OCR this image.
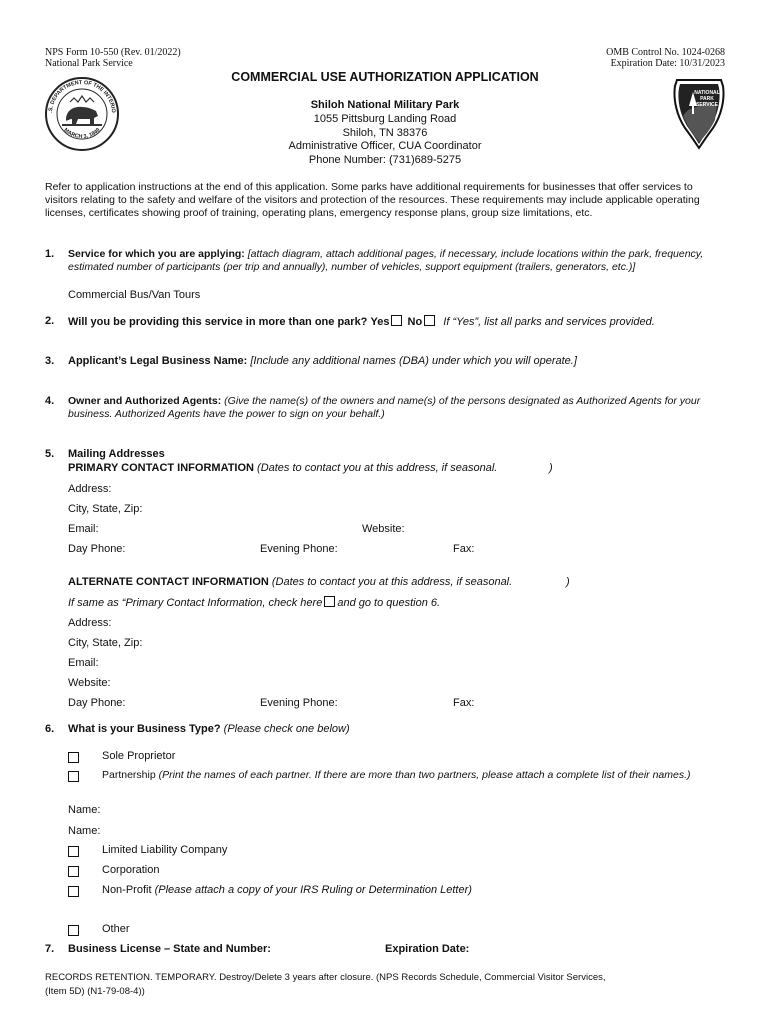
NPS Form 10-550 (Rev. 01/2022)
National Park Service
OMB Control No. 1024-0268
Expiration Date: 10/31/2023
.S. DEPARTMENT OF THE INTERIO
MARCH 3, 1849
NATIONAL
PARK
SERVICE
COMMERCIAL USE AUTHORIZATION APPLICATION
Shiloh National Military Park
1055 Pittsburg Landing Road
Shiloh, TN 38376
Administrative Officer, CUA Coordinator
Phone Number: (731)689-5275
Refer to application instructions at the end of this application. Some parks have additional requirements for businesses that offer services to visitors relating to the safety and welfare of the visitors and protection of the resources. These requirements may include applicable operating licenses, certificates showing proof of training, operating plans, emergency response plans, group size limitations, etc.
1. Service for which you are applying: [attach diagram, attach additional pages, if necessary, include locations within the park, frequency, estimated number of participants (per trip and annually), number of vehicles, support equipment (trailers, generators, etc.)]
Commercial Bus/Van Tours
2. Will you be providing this service in more than one park? Yes No If “Yes”, list all parks and services provided.
3. Applicant’s Legal Business Name: [Include any additional names (DBA) under which you will operate.]
4. Owner and Authorized Agents: (Give the name(s) of the owners and name(s) of the persons designated as Authorized Agents for your business. Authorized Agents have the power to sign on your behalf.)
5. Mailing Addresses
PRIMARY CONTACT INFORMATION (Dates to contact you at this address, if seasonal.	)
Address:
City, State, Zip:
Email:	Website:
Day Phone:	Evening Phone:	Fax:
ALTERNATE CONTACT INFORMATION (Dates to contact you at this address, if seasonal.	)
If same as “Primary Contact Information, check here and go to question 6.
Address:
City, State, Zip:
Email:
Website:
Day Phone:	Evening Phone:	Fax:
6. What is your Business Type? (Please check one below)
Sole Proprietor
Partnership (Print the names of each partner. If there are more than two partners, please attach a complete list of their names.)
Name:
Name:
Limited Liability Company
Corporation
Non-Profit (Please attach a copy of your IRS Ruling or Determination Letter)
Other
7. Business License – State and Number:	Expiration Date:
RECORDS RETENTION. TEMPORARY. Destroy/Delete 3 years after closure. (NPS Records Schedule, Commercial Visitor Services,
(Item 5D) (N1-79-08-4))
